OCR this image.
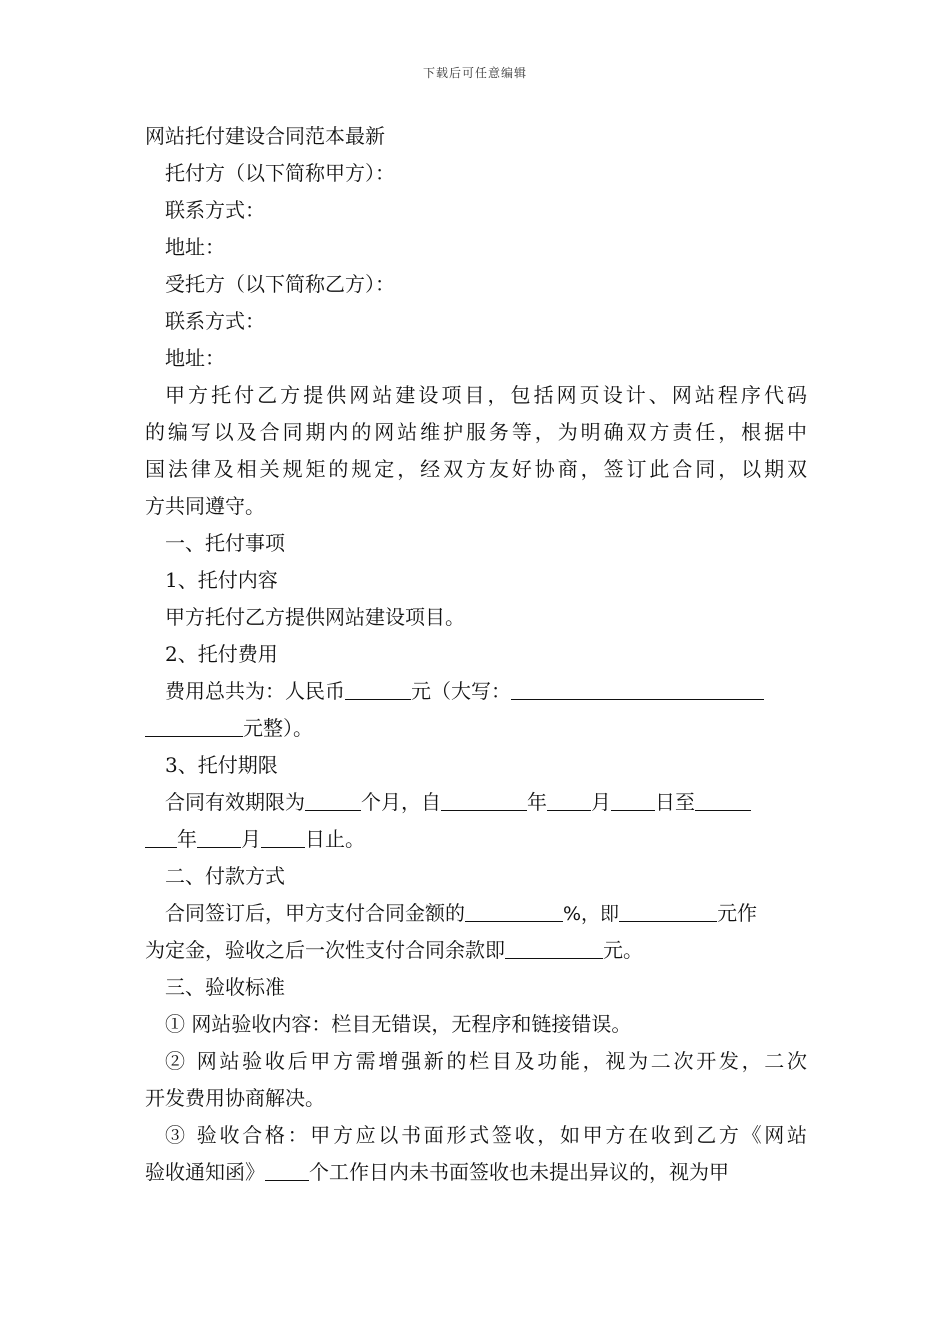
下载后可任意编辑
网站托付建设合同范本最新
托付方（以下简称甲方）：
联系方式：
地址：
受托方（以下简称乙方）：
联系方式：
地址：
甲方托付乙方提供网站建设项目，包括网页设计、网站程序代码
的编写以及合同期内的网站维护服务等，为明确双方责任，根据中
国法律及相关规矩的规定，经双方友好协商，签订此合同，以期双
方共同遵守。
一、托付事项
1、托付内容
甲方托付乙方提供网站建设项目。
2、托付费用
费用总共为：人民币	元（大写：
元整）。
3、托付期限
合同有效期限为	个月，自	年 月 日至
年 月 日止。
二、付款方式
合同签订后，甲方支付合同金额的	%，即	元作
为定金，验收之后一次性支付合同余款即	元。
三、验收标准
① 网站验收内容：栏目无错误，无程序和链接错误。
② 网站验收后甲方需增强新的栏目及功能，视为二次开发，二次
开发费用协商解决。
③ 验收合格：甲方应以书面形式签收，如甲方在收到乙方《网站
验收通知函》 个工作日内未书面签收也未提出异议的，视为甲
